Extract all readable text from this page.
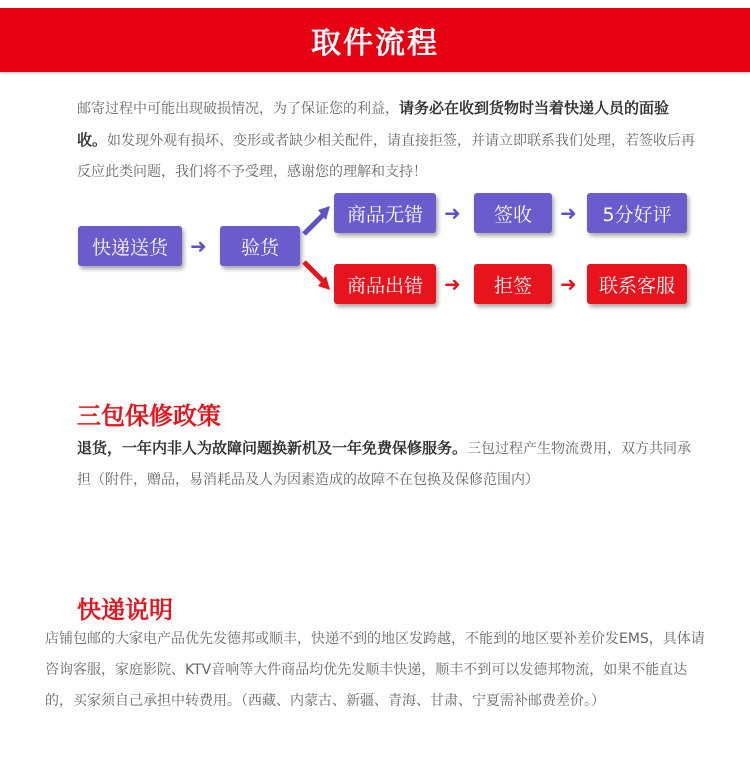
取件流程

邮寄过程中可能出现破损情况，为了保证您的利益，请务必在收到货物时当着快递人员的面验收。如发现外观有损坏、变形或者缺少相关配件，请直接拒签，并请立即联系我们处理，若签收后再反应此类问题，我们将不予受理，感谢您的理解和支持！

快递送货	➜	验货
商品无错	➜	签收	➜	5分好评
商品出错	➜	拒签	➜	联系客服
三包保修政策

退货，一年内非人为故障问题换新机及一年免费保修服务。三包过程产生物流费用，双方共同承担（附件，赠品，易消耗品及人为因素造成的故障不在包换及保修范围内）

快递说明

店铺包邮的大家电产品优先发德邦或顺丰，快递不到的地区发跨越，不能到的地区要补差价发EMS，具体请咨询客服，家庭影院、KTV音响等大件商品均优先发顺丰快递，顺丰不到可以发德邦物流，如果不能直达的，买家须自己承担中转费用。（西藏、内蒙古、新疆、青海、甘肃、宁夏需补邮费差价。）
